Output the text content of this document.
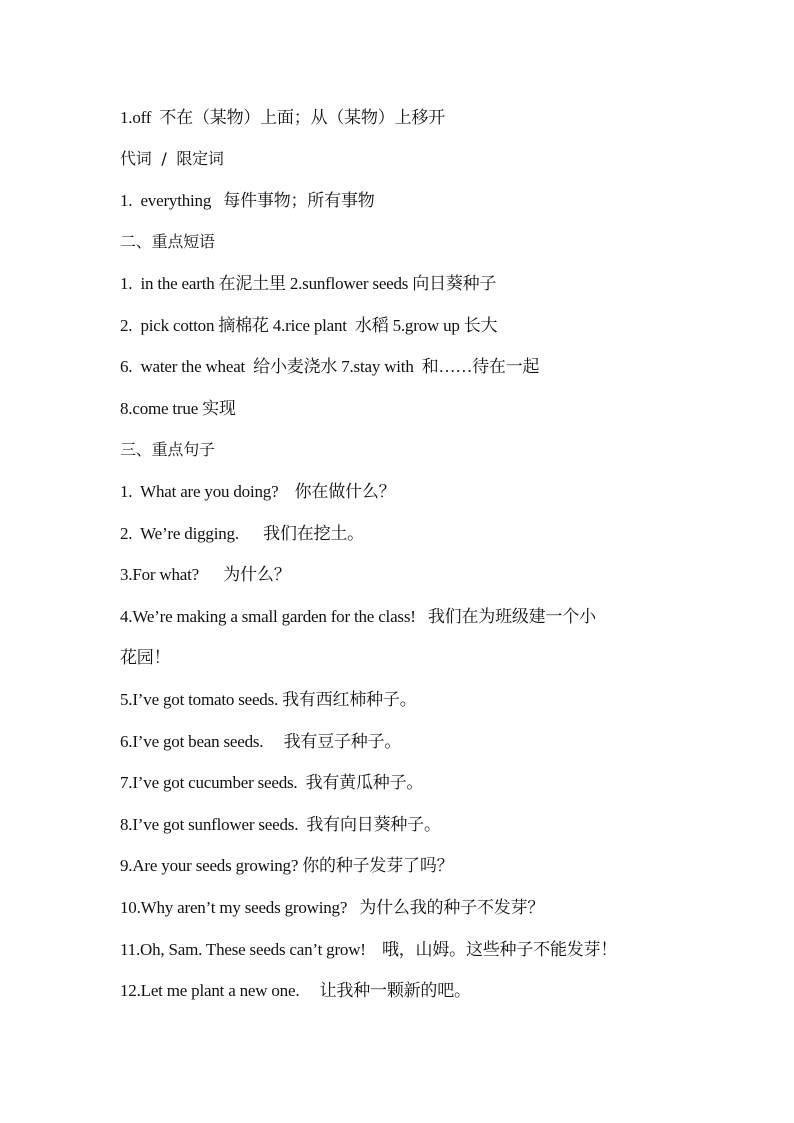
1.off  不在（某物）上面；从（某物）上移开
代词  /  限定词
1.  everything   每件事物；所有事物
二、重点短语
1.  in the earth 在泥土里 2.sunflower seeds 向日葵种子
2.  pick cotton 摘棉花 4.rice plant  水稻 5.grow up 长大
6.  water the wheat  给小麦浇水 7.stay with  和……待在一起
8.come true 实现
三、重点句子
1.  What are you doing?    你在做什么？
2.  We’re digging.      我们在挖土。
3.For what?      为什么？
4.We’re making a small garden for the class!   我们在为班级建一个小
花园！
5.I’ve got tomato seeds. 我有西红柿种子。
6.I’ve got bean seeds.     我有豆子种子。
7.I’ve got cucumber seeds.  我有黄瓜种子。
8.I’ve got sunflower seeds.  我有向日葵种子。
9.Are your seeds growing? 你的种子发芽了吗？
10.Why aren’t my seeds growing?   为什么我的种子不发芽？
11.Oh, Sam. These seeds can’t grow!    哦，山姆。这些种子不能发芽！
12.Let me plant a new one.     让我种一颗新的吧。
